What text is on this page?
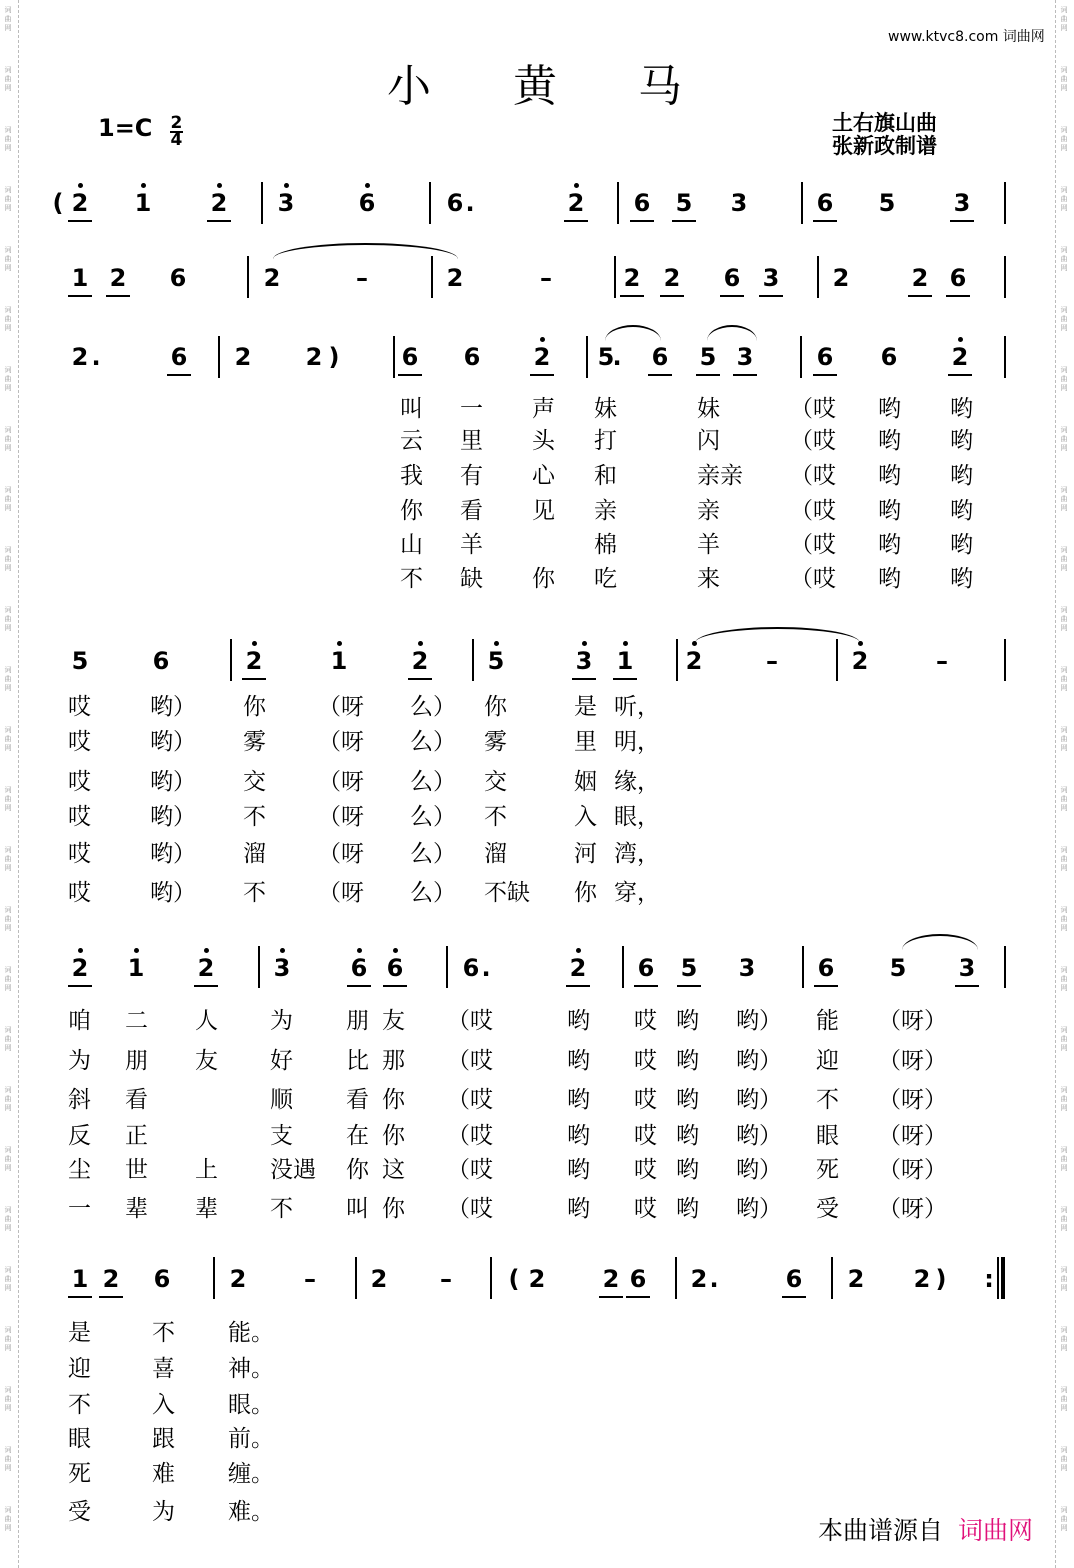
词
曲
网
词
曲
网
词
曲
网
词
曲
网
词
曲
网
词
曲
网
词
曲
网
词
曲
网
词
曲
网
词
曲
网
词
曲
网
词
曲
网
词
曲
网
词
曲
网
词
曲
网
词
曲
网
词
曲
网
词
曲
网
词
曲
网
词
曲
网
词
曲
网
词
曲
网
词
曲
网
词
曲
网
词
曲
网
词
曲
网
词
曲
网
词
曲
网
词
曲
网
词
曲
网
词
曲
网
词
曲
网
词
曲
网
词
曲
网
词
曲
网
词
曲
网
词
曲
网
词
曲
网
词
曲
网
词
曲
网
词
曲
网
词
曲
网
词
曲
网
词
曲
网
词
曲
网
词
曲
网
词
曲
网
词
曲
网
词
曲
网
词
曲
网
词
曲
网
词
曲
网
www.ktvc8.com 词曲网
小 黄 马
$1=C \frac{2}{4}$	土右旗山曲
张新政制谱
( 2 1 2 3	6	6 .	2 6 5 3	6 5 3
1 2 6	2	–	2	–	2 2 6 3 2	2 6
2 .	6 2 2 )	6 6 2 5
. 6 5 3	6 6 2
叫 一 声 妹	妹	（哎 哟 哟
云 里 头 打	闪	（哎 哟 哟
我 有 心 和	亲亲 （哎 哟 哟
你 看 见 亲	亲	（哎 哟 哟
山 羊	棉	羊	（哎 哟 哟
不 缺 你 吃	来	（哎 哟 哟
5	6	2	1	2 5	3 1 2	–	2	–
哎	哟） 你 （呀 么） 你	是 听，
哎	哟） 雾 （呀 么） 雾	里 明，
哎	哟） 交 （呀 么） 交	姻 缘，
哎	哟） 不 （呀 么） 不	入 眼，
哎	哟） 溜 （呀 么） 溜	河 湾，
哎	哟） 不 （呀 么） 不缺 你 穿，
2 1 2 3	6 6 6 .	2 6 5 3	6 5 3
咱 二 人 为 朋 友 （哎	哟 哎 哟 哟） 能 （呀）
为 朋 友 好 比 那 （哎	哟 哎 哟 哟） 迎 （呀）
斜 看	顺 看 你 （哎	哟 哎 哟 哟） 不 （呀）
反 正	支 在 你 （哎	哟 哎 哟 哟） 眼 （呀）
尘 世 上 没遇 你 这 （哎	哟 哎 哟 哟） 死 （呀）
一 辈 辈 不 叫 你 （哎	哟 哎 哟 哟） 受 （呀）
1 2 6 2	–	2	–	( 2 2 6 2 .	6 2 2 ) :
是	不 能。
迎	喜 神。
不	入 眼。
眼	跟 前。
死	难 缠。
受	为 难。
本曲谱源自 词曲网
